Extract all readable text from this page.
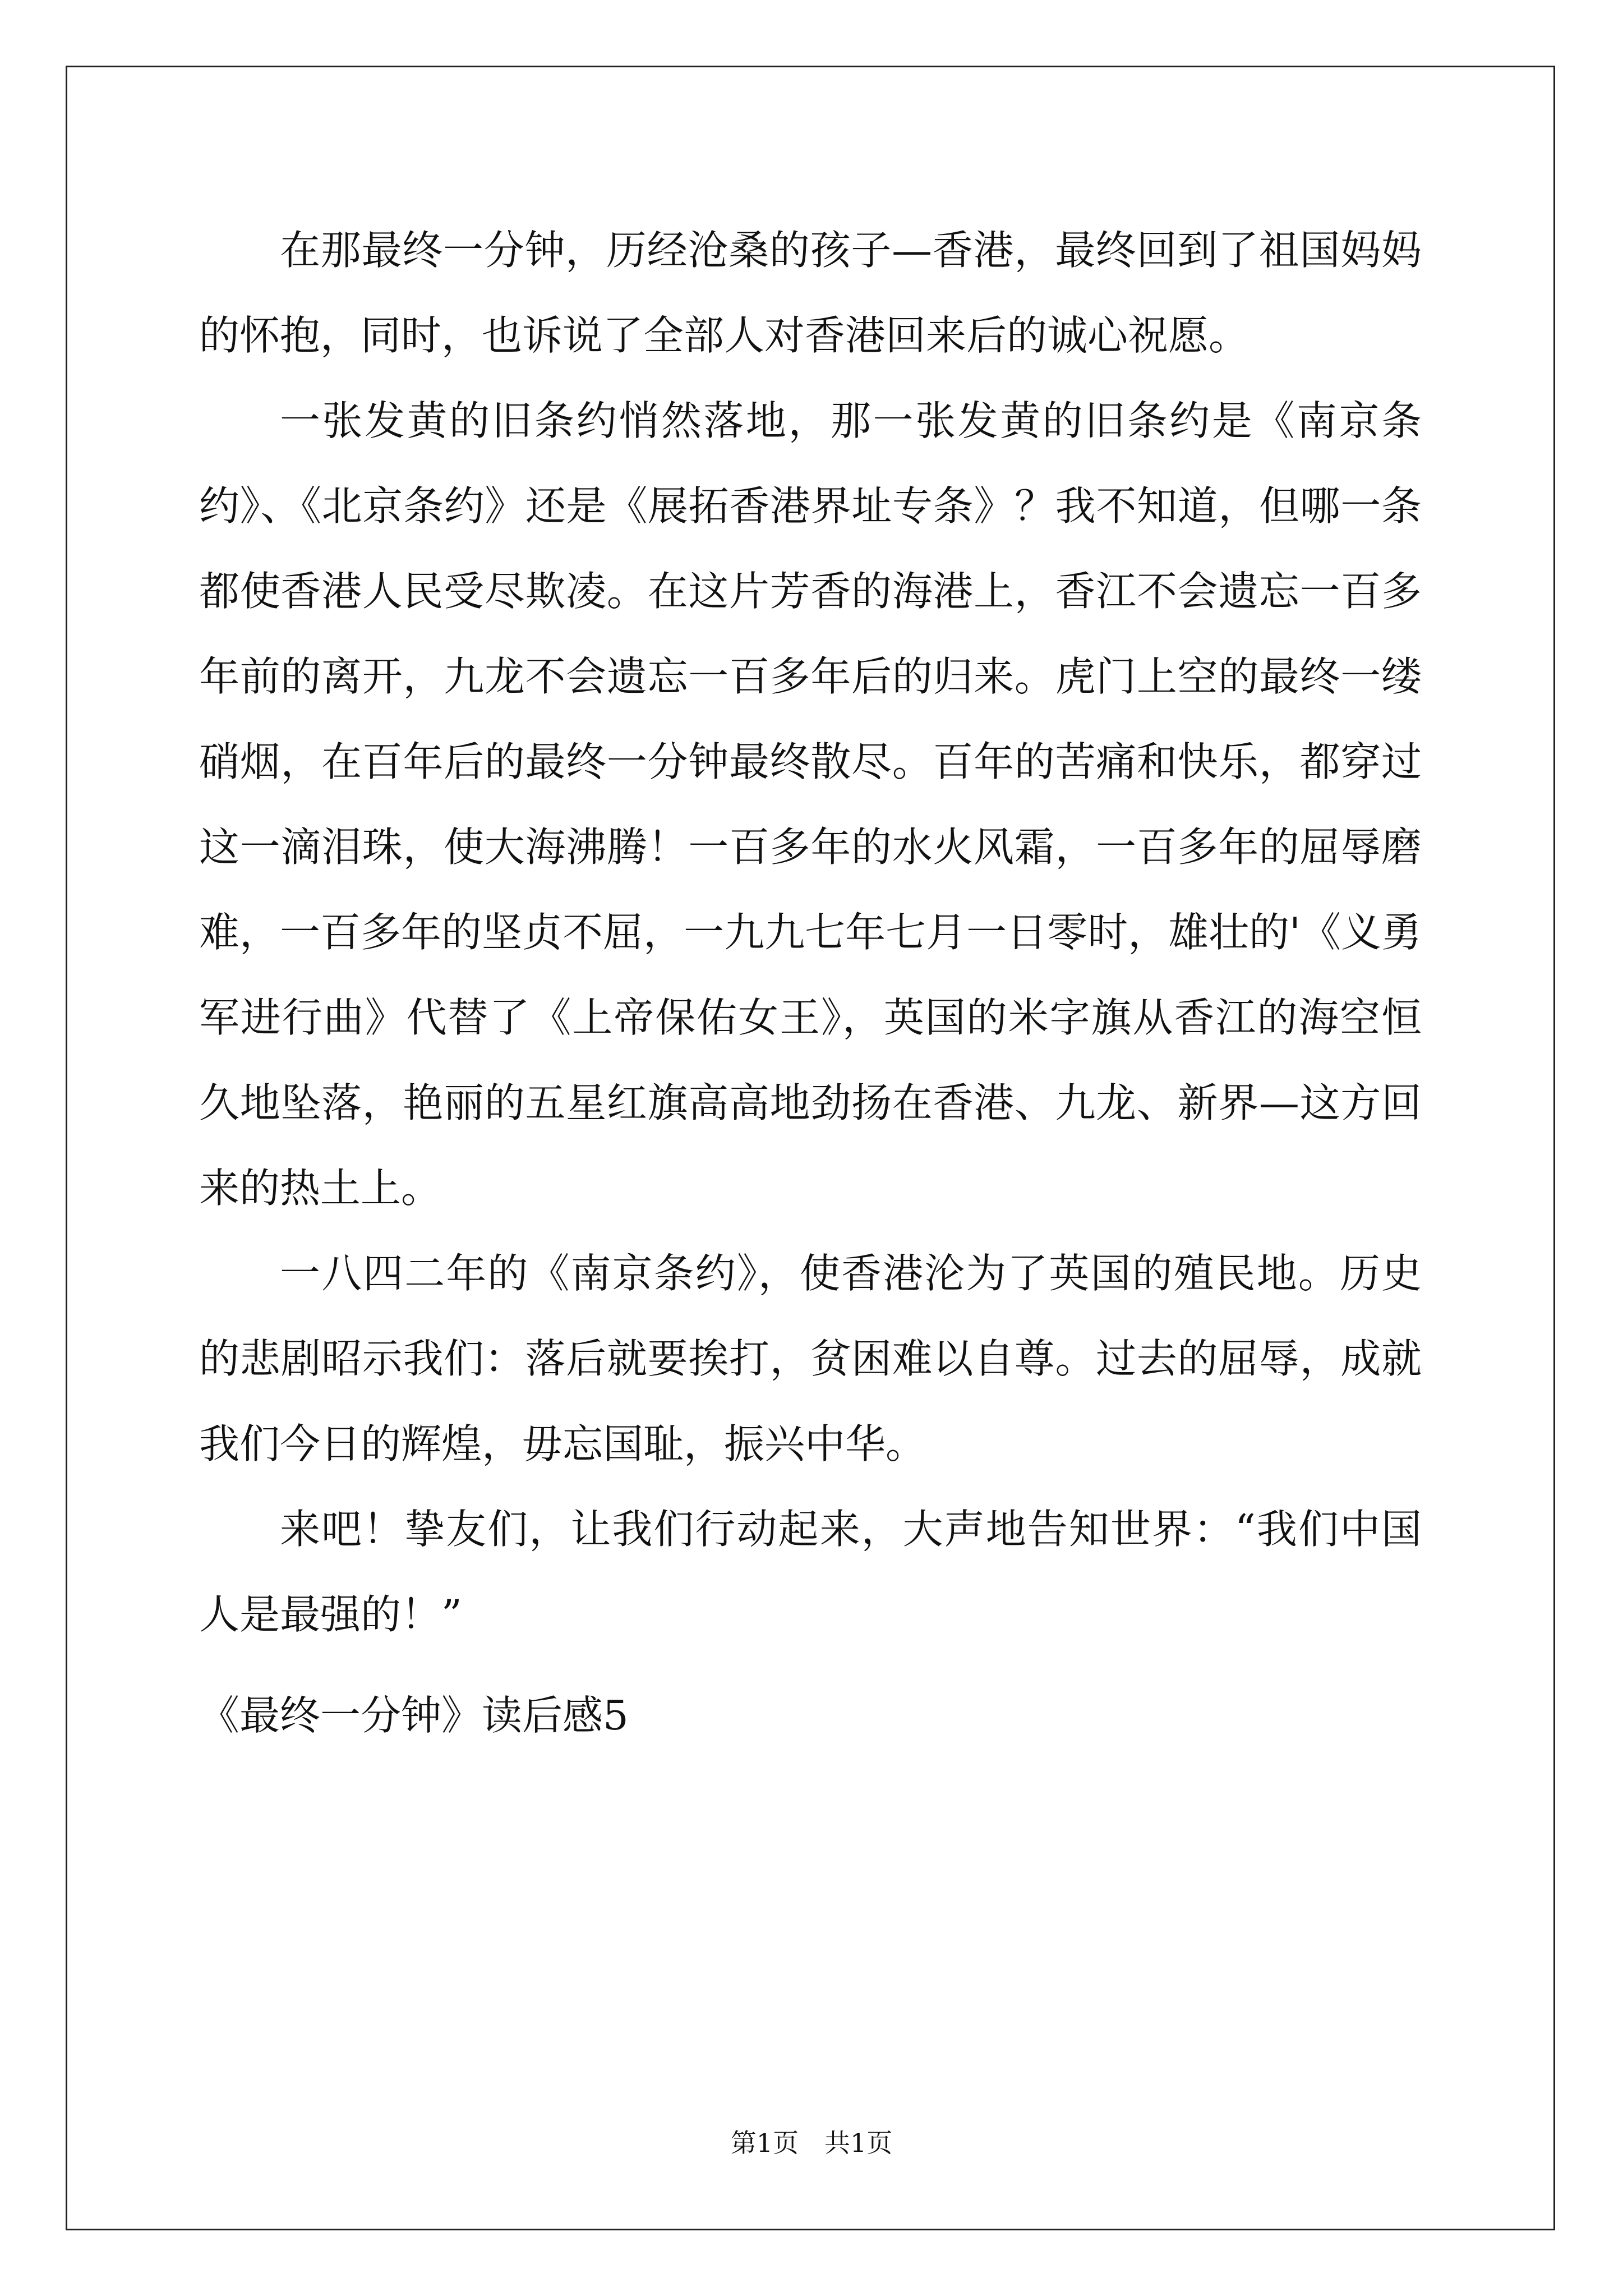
在那最终一分钟，历经沧桑的孩子—香港，最终回到了祖国妈妈的怀抱，同时，也诉说了全部人对香港回来后的诚心祝愿。

一张发黄的旧条约悄然落地，那一张发黄的旧条约是《南京条约》、《北京条约》还是《展拓香港界址专条》？我不知道，但哪一条都使香港人民受尽欺凌。在这片芳香的海港上，香江不会遗忘一百多年前的离开，九龙不会遗忘一百多年后的归来。虎门上空的最终一缕硝烟，在百年后的最终一分钟最终散尽。百年的苦痛和快乐，都穿过这一滴泪珠，使大海沸腾！一百多年的水火风霜，一百多年的屈辱磨难，一百多年的坚贞不屈，一九九七年七月一日零时，雄壮的'《义勇军进行曲》代替了《上帝保佑女王》，英国的米字旗从香江的海空恒久地坠落，艳丽的五星红旗高高地劲扬在香港、九龙、新界—这方回来的热土上。

一八四二年的《南京条约》，使香港沦为了英国的殖民地。历史的悲剧昭示我们：落后就要挨打，贫困难以自尊。过去的屈辱，成就我们今日的辉煌，毋忘国耻，振兴中华。

来吧！挚友们，让我们行动起来，大声地告知世界：“我们中国人是最强的！”

《最终一分钟》读后感5
第1页　共1页
